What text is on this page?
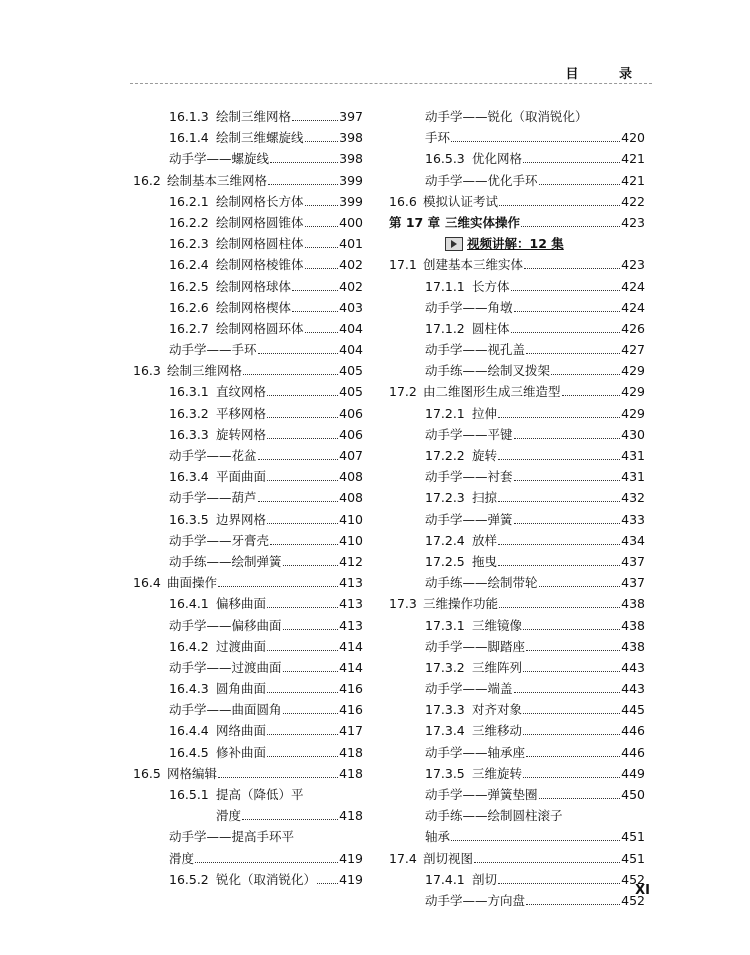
目 录
16.1.3 绘制三维网格	397
16.1.4 绘制三维螺旋线	398
动手学——螺旋线	398
16.2 绘制基本三维网格	399
16.2.1 绘制网格长方体	399
16.2.2 绘制网格圆锥体	400
16.2.3 绘制网格圆柱体	401
16.2.4 绘制网格棱锥体	402
16.2.5 绘制网格球体	402
16.2.6 绘制网格楔体	403
16.2.7 绘制网格圆环体	404
动手学——手环	404
16.3 绘制三维网格	405
16.3.1 直纹网格	405
16.3.2 平移网格	406
16.3.3 旋转网格	406
动手学——花盆	407
16.3.4 平面曲面	408
动手学——葫芦	408
16.3.5 边界网格	410
动手学——牙膏壳	410
动手练——绘制弹簧	412
16.4 曲面操作	413
16.4.1 偏移曲面	413
动手学——偏移曲面	413
16.4.2 过渡曲面	414
动手学——过渡曲面	414
16.4.3 圆角曲面	416
动手学——曲面圆角	416
16.4.4 网络曲面	417
16.4.5 修补曲面	418
16.5 网格编辑	418
16.5.1 提高（降低）平
滑度	418
动手学——提高手环平
滑度	419
16.5.2 锐化（取消锐化） 419
动手学——锐化（取消锐化）
手环	420
16.5.3 优化网格	421
动手学——优化手环	421
16.6 模拟认证考试	422
第 17 章 三维实体操作	423
视频讲解：12 集
17.1 创建基本三维实体	423
17.1.1 长方体	424
动手学——角墩	424
17.1.2 圆柱体	426
动手学——视孔盖	427
动手练——绘制叉拨架	429
17.2 由二维图形生成三维造型	429
17.2.1 拉伸	429
动手学——平键	430
17.2.2 旋转	431
动手学——衬套	431
17.2.3 扫掠	432
动手学——弹簧	433
17.2.4 放样	434
17.2.5 拖曳	437
动手练——绘制带轮	437
17.3 三维操作功能	438
17.3.1 三维镜像	438
动手学——脚踏座	438
17.3.2 三维阵列	443
动手学——端盖	443
17.3.3 对齐对象	445
17.3.4 三维移动	446
动手学——轴承座	446
17.3.5 三维旋转	449
动手学——弹簧垫圈	450
动手练——绘制圆柱滚子
轴承	451
17.4 剖切视图	451
17.4.1 剖切	452
动手学——方向盘	452
XI
